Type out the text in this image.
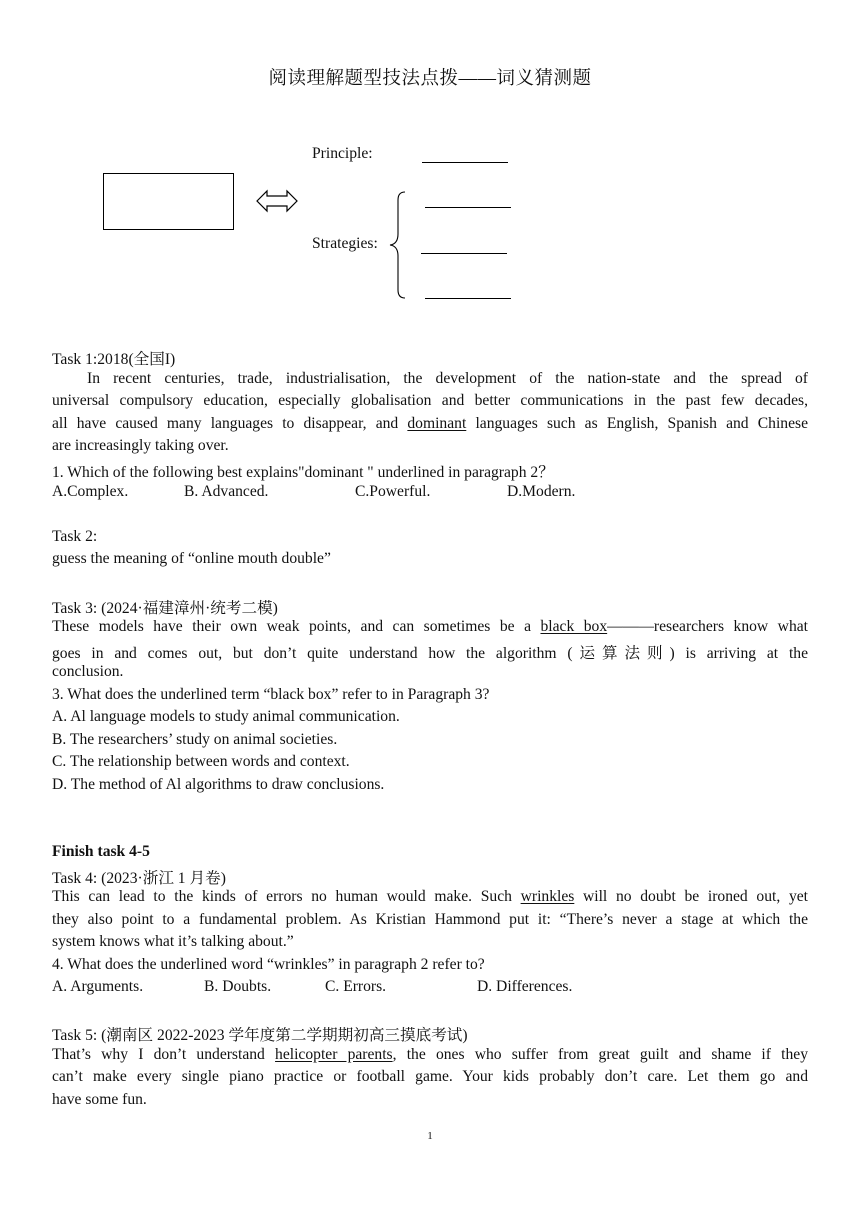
阅读理解题型技法点拨——词义猜测题
Principle:
Strategies:
Task 1:2018(全国I)
In recent centuries, trade, industrialisation, the development of the nation-state and the spread of
universal compulsory education, especially globalisation and better communications in the past few decades,
all have caused many languages to disappear, and dominant languages such as English, Spanish and Chinese
are increasingly taking over.
1. Which of the following best explains"dominant " underlined in paragraph 2？
A.Complex.	B. Advanced.	C.Powerful.	D.Modern.
Task 2:
guess the meaning of “online mouth double”
Task 3: (2024·福建漳州·统考二模)
These models have their own weak points, and can sometimes be a black box———researchers know what
goes in and comes out, but don’t quite understand how the algorithm (运算法则) is arriving at the
conclusion.
3. What does the underlined term “black box” refer to in Paragraph 3?
A. Al language models to study animal communication.
B. The researchers’ study on animal societies.
C. The relationship between words and context.
D. The method of Al algorithms to draw conclusions.
Finish task 4-5
Task 4: (2023·浙江 1 月卷)
This can lead to the kinds of errors no human would make. Such wrinkles will no doubt be ironed out, yet
they also point to a fundamental problem. As Kristian Hammond put it: “There’s never a stage at which the
system knows what it’s talking about.”
4. What does the underlined word “wrinkles” in paragraph 2 refer to?
A. Arguments.	B. Doubts.	C. Errors.	D. Differences.
Task 5: (潮南区 2022-2023 学年度第二学期期初高三摸底考试)
That’s why I don’t understand helicopter parents, the ones who suffer from great guilt and shame if they
can’t make every single piano practice or football game. Your kids probably don’t care. Let them go and
have some fun.
1
